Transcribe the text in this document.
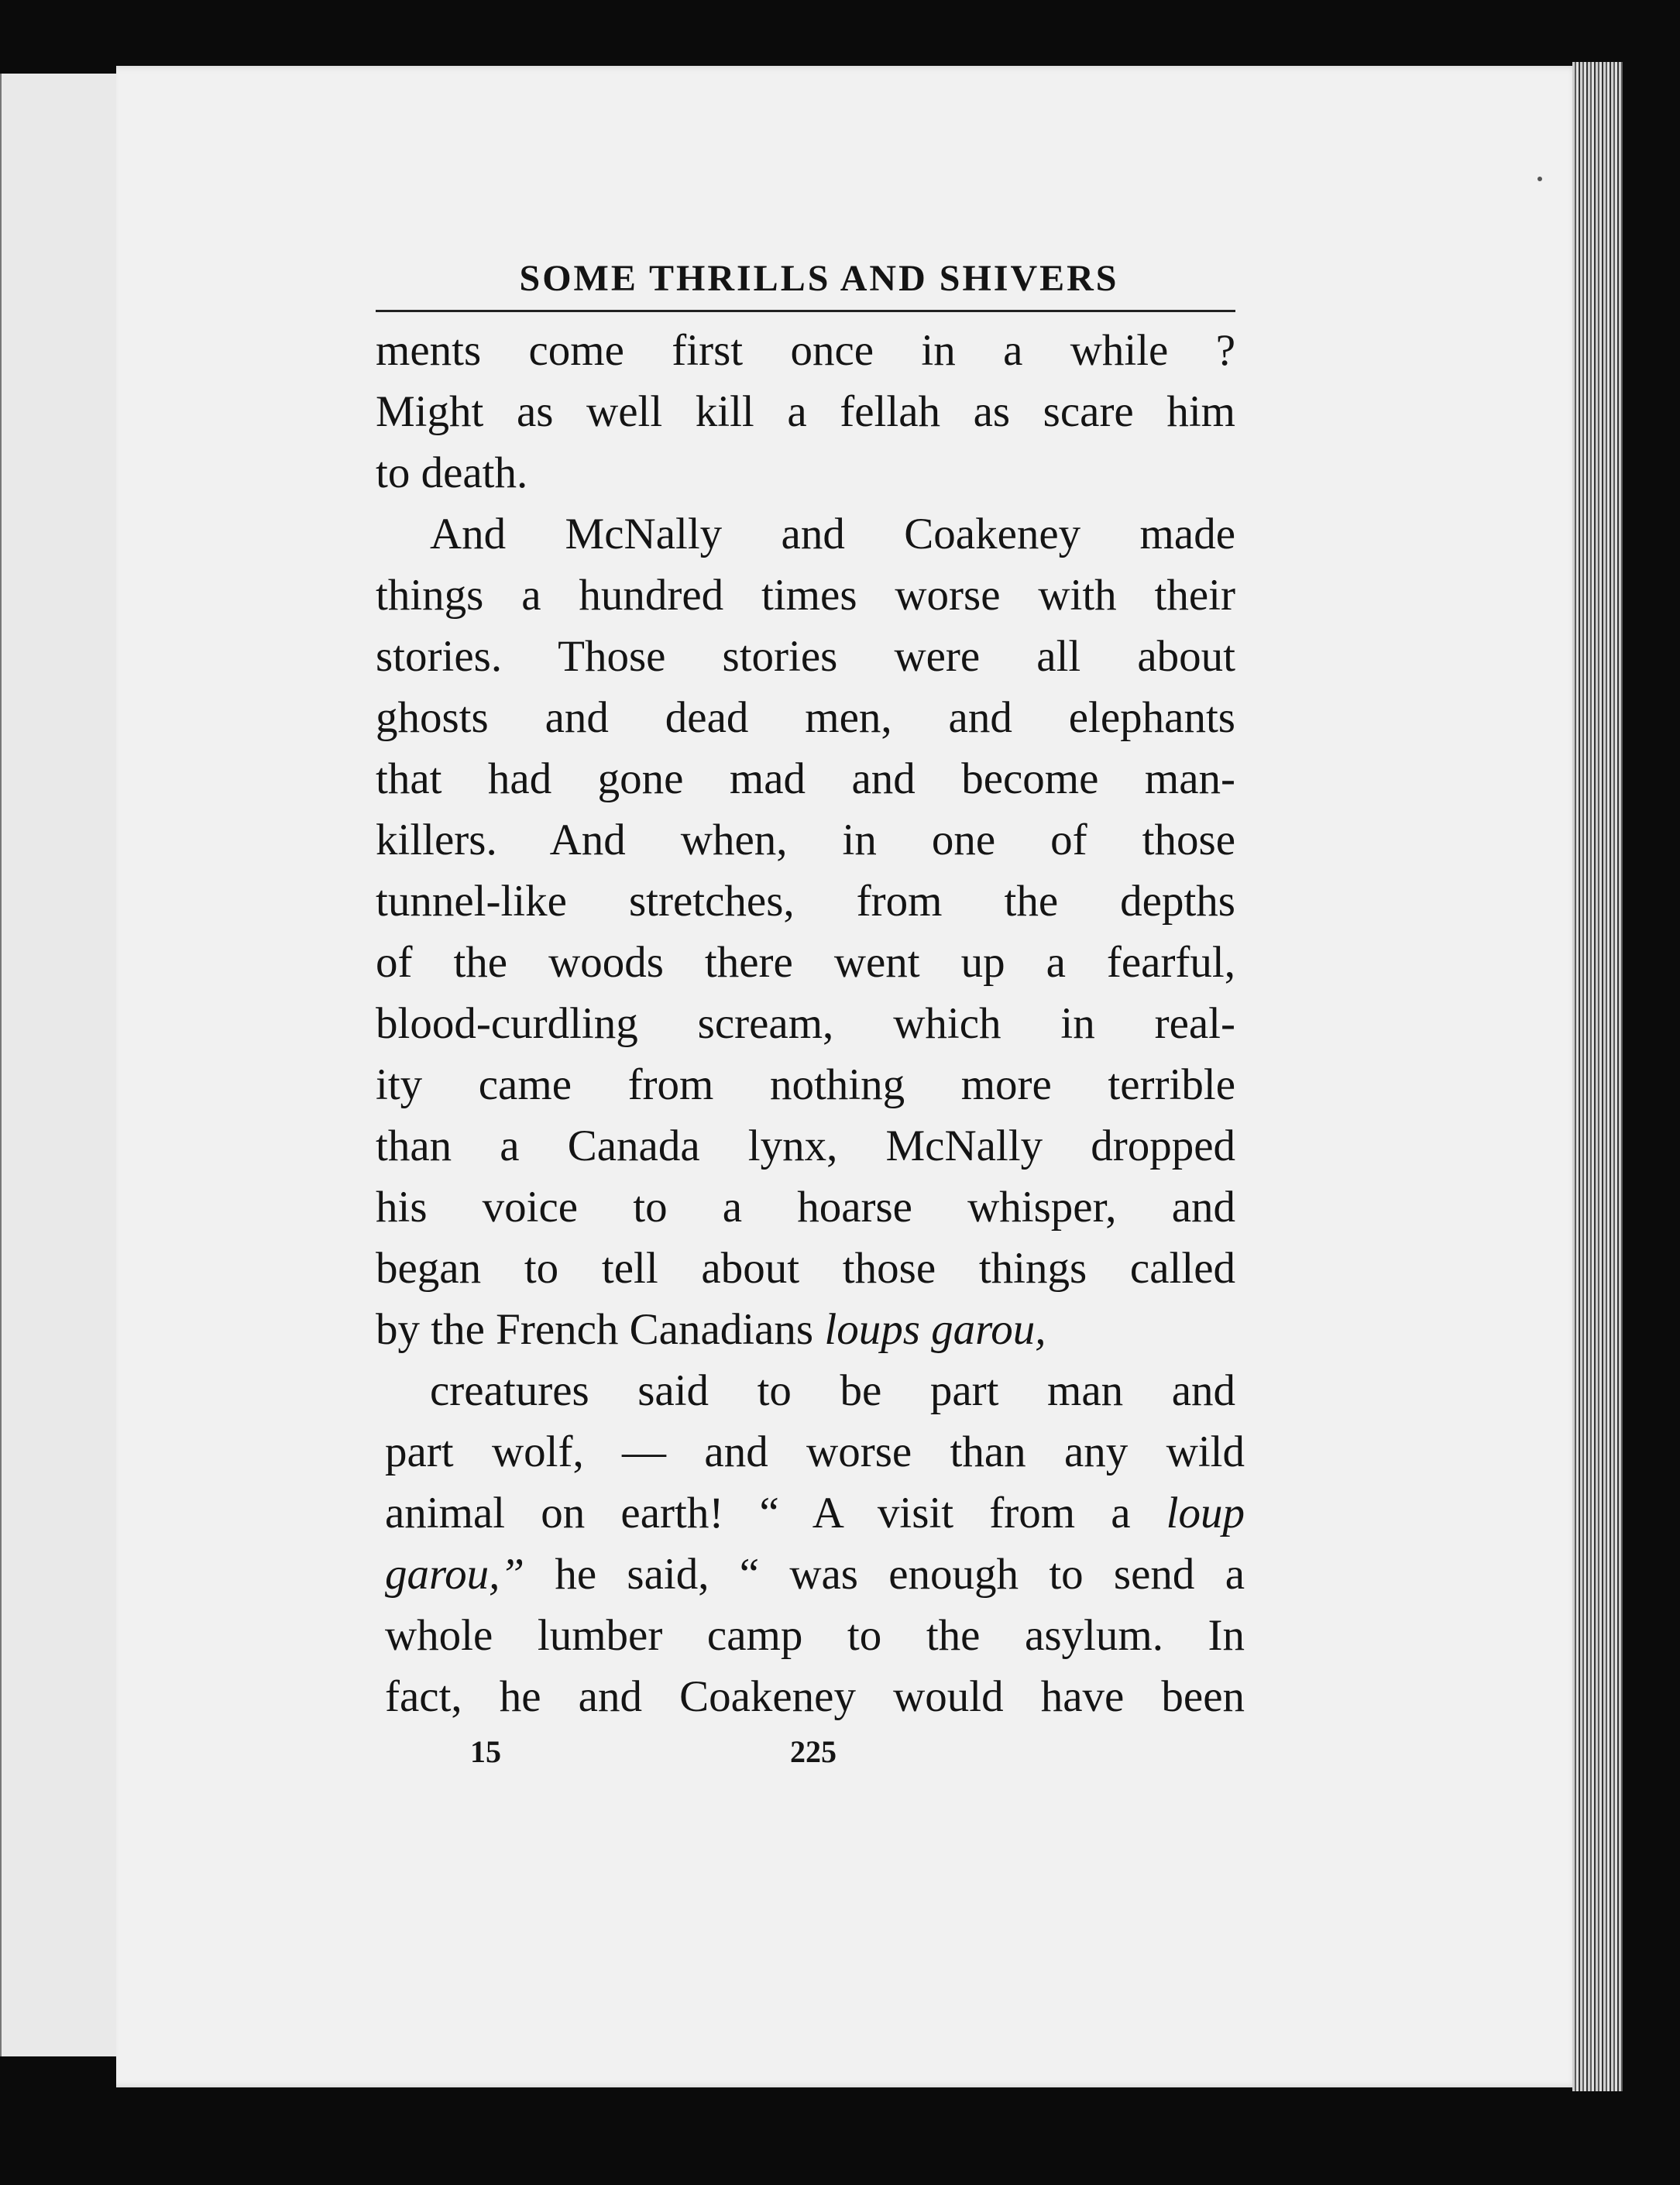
SOME THRILLS AND SHIVERS
ments come first once in a while ?
Might as well kill a fellah as scare him
to death.
And McNally and Coakeney made
things a hundred times worse with their
stories. Those stories were all about
ghosts and dead men, and elephants
that had gone mad and become man-
killers. And when, in one of those
tunnel-like stretches, from the depths
of the woods there went up a fearful,
blood-curdling scream, which in real-
ity came from nothing more terrible
than a Canada lynx, McNally dropped
his voice to a hoarse whisper, and
began to tell about those things called
by the French Canadians loups garou,
creatures said to be part man and
part wolf, — and worse than any wild
animal on earth! “ A visit from a loup
garou,” he said, “ was enough to send a
whole lumber camp to the asylum. In
fact, he and Coakeney would have been
15	225
